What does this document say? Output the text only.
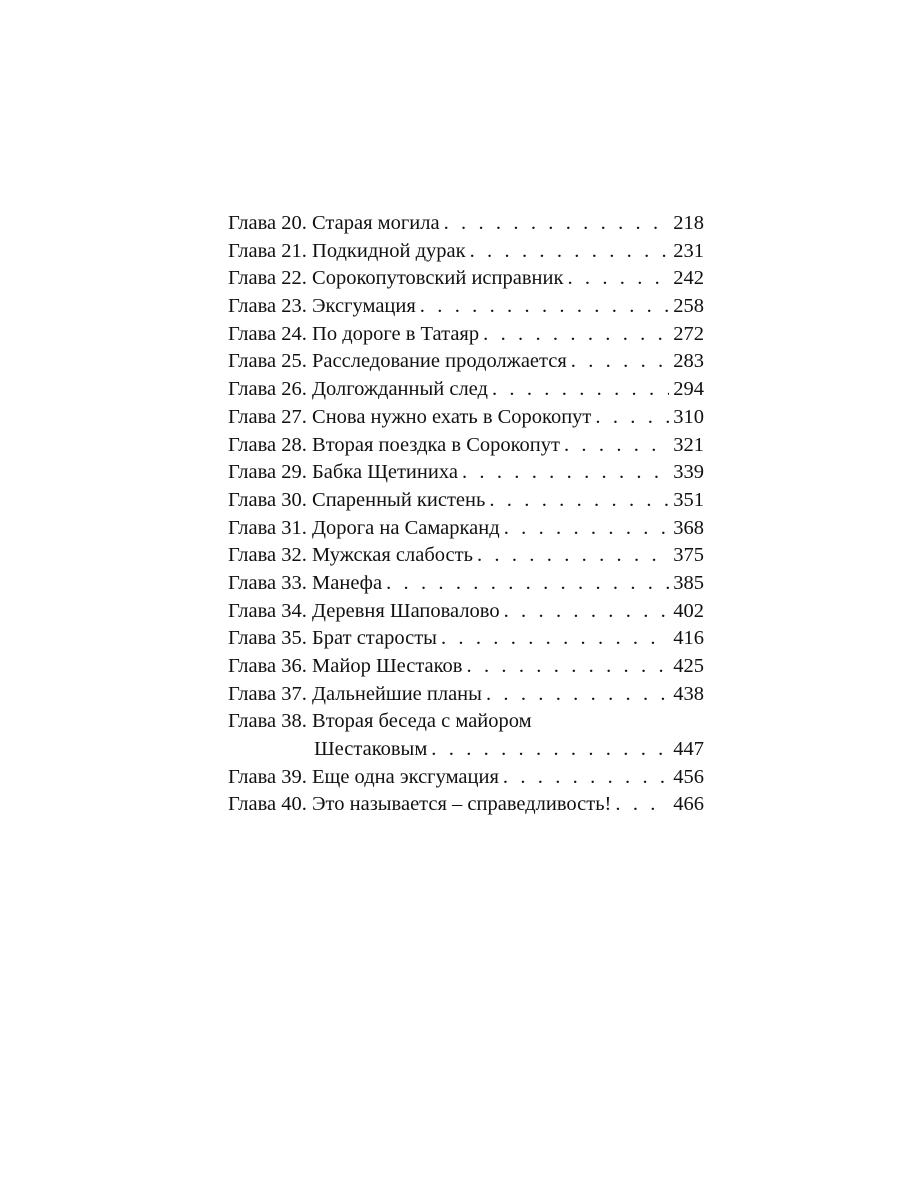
Глава 20. Старая могила . . .	218
Глава 21. Подкидной дурак . . .	231
Глава 22. Сорокопутовский исправник . . .	242
Глава 23. Эксгумация . . .	258
Глава 24. По дороге в Татаяр . . .	272
Глава 25. Расследование продолжается . . .	283
Глава 26. Долгожданный след . . .	294
Глава 27. Снова нужно ехать в Сорокопут . . .	310
Глава 28. Вторая поездка в Сорокопут . . .	321
Глава 29. Бабка Щетиниха . . .	339
Глава 30. Спаренный кистень . . .	351
Глава 31. Дорога на Самарканд . . .	368
Глава 32. Мужская слабость . . .	375
Глава 33. Манефа . . .	385
Глава 34. Деревня Шаповалово . . .	402
Глава 35. Брат старосты . . .	416
Глава 36. Майор Шестаков . . .	425
Глава 37. Дальнейшие планы . . .	438
Глава 38. Вторая беседа с майором
Шестаковым . . .	447
Глава 39. Еще одна эксгумация . . .	456
Глава 40. Это называется – справедливость! . . .	466
